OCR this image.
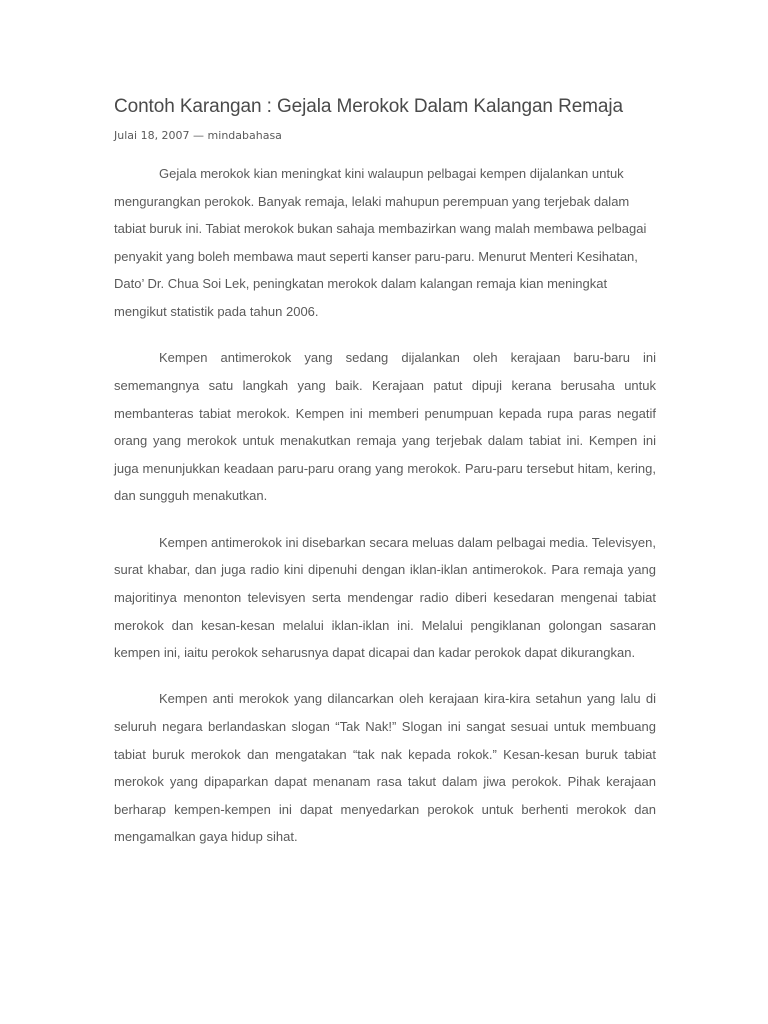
Contoh Karangan : Gejala Merokok Dalam Kalangan Remaja
Julai 18, 2007 — mindabahasa

Gejala merokok kian meningkat kini walaupun pelbagai kempen dijalankan untuk mengurangkan perokok. Banyak remaja, lelaki mahupun perempuan yang terjebak dalam tabiat buruk ini. Tabiat merokok bukan sahaja membazirkan wang malah membawa pelbagai penyakit yang boleh membawa maut seperti kanser paru-paru. Menurut Menteri Kesihatan, Dato’ Dr. Chua Soi Lek, peningkatan merokok dalam kalangan remaja kian meningkat mengikut statistik pada tahun 2006.

Kempen antimerokok yang sedang dijalankan oleh kerajaan baru-baru ini sememangnya satu langkah yang baik. Kerajaan patut dipuji kerana berusaha untuk membanteras tabiat merokok. Kempen ini memberi penumpuan kepada rupa paras negatif orang yang merokok untuk menakutkan remaja yang terjebak dalam tabiat ini. Kempen ini juga menunjukkan keadaan paru-paru orang yang merokok. Paru-paru tersebut hitam, kering, dan sungguh menakutkan.

Kempen antimerokok ini disebarkan secara meluas dalam pelbagai media. Televisyen, surat khabar, dan juga radio kini dipenuhi dengan iklan-iklan antimerokok. Para remaja yang majoritinya menonton televisyen serta mendengar radio diberi kesedaran mengenai tabiat merokok dan kesan-kesan melalui iklan-iklan ini. Melalui pengiklanan golongan sasaran kempen ini, iaitu perokok seharusnya dapat dicapai dan kadar perokok dapat dikurangkan.

Kempen anti merokok yang dilancarkan oleh kerajaan kira-kira setahun yang lalu di seluruh negara berlandaskan slogan “Tak Nak!” Slogan ini sangat sesuai untuk membuang tabiat buruk merokok dan mengatakan “tak nak kepada rokok.” Kesan-kesan buruk tabiat merokok yang dipaparkan dapat menanam rasa takut dalam jiwa perokok. Pihak kerajaan berharap kempen-kempen ini dapat menyedarkan perokok untuk berhenti merokok dan mengamalkan gaya hidup sihat.
